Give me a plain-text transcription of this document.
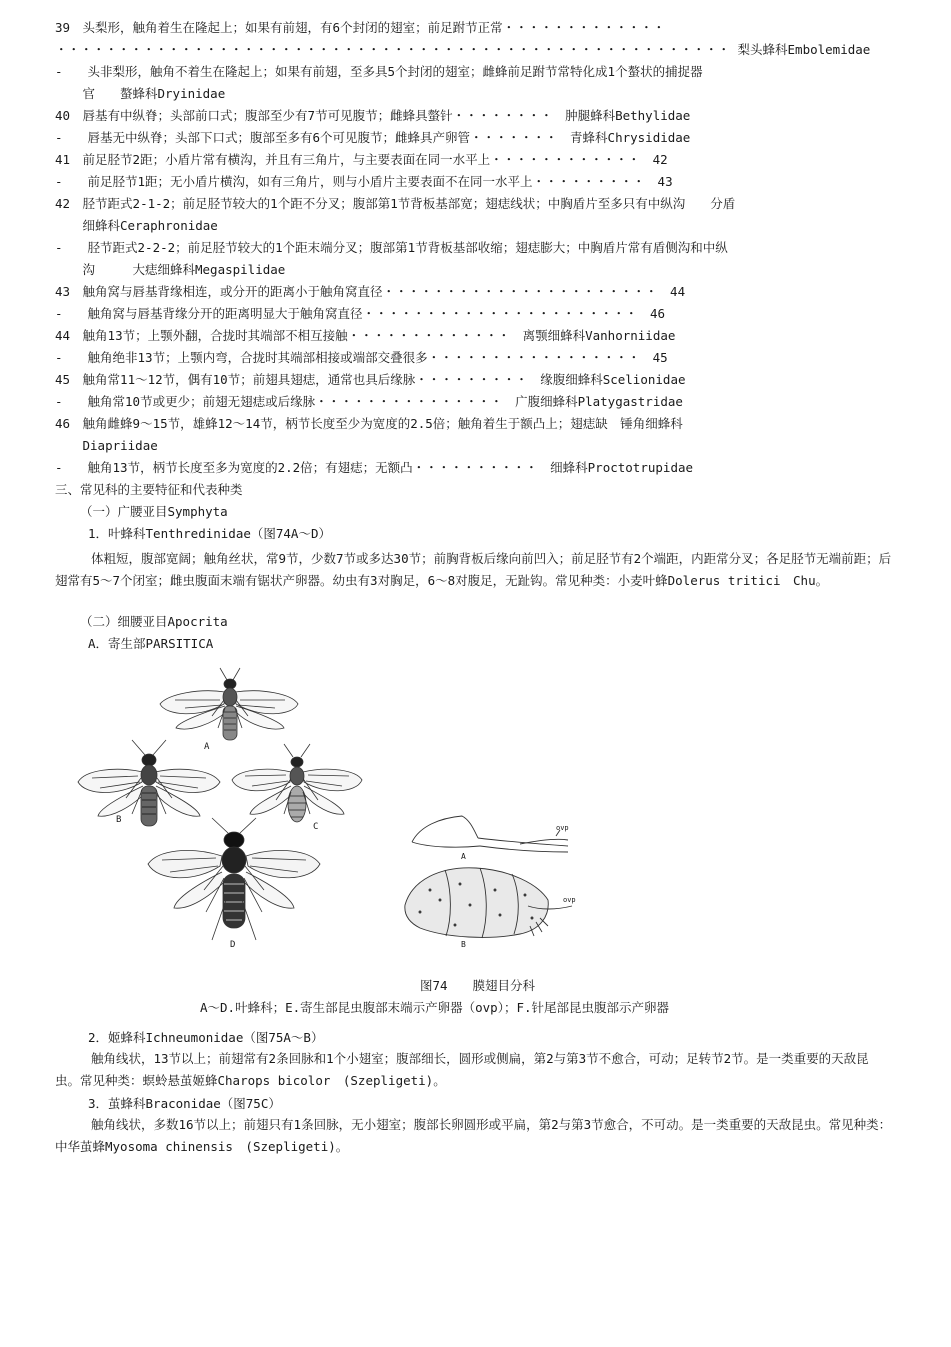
39　头梨形，触角着生在隆起上；如果有前翅，有6个封闭的翅室；前足跗节正常・・・・・・・・・・・・・
・・・・・・・・・・・・・・・・・・・・・・・・・・・・・・・・・・・・・・・・・・・・・・・・・・・・・・ 梨头蜂科Embolemidae
-　　头非梨形，触角不着生在隆起上；如果有前翅，至多具5个封闭的翅室；雌蜂前足跗节常特化成1个螯状的捕捉器
　官　　螯蜂科Dryinidae
40　唇基有中纵脊；头部前口式；腹部至少有7节可见腹节；雌蜂具螫针・・・・・・・・　肿腿蜂科Bethylidae
-　　唇基无中纵脊；头部下口式；腹部至多有6个可见腹节；雌蜂具产卵管・・・・・・・　青蜂科Chrysididae
41　前足胫节2距；小盾片常有横沟，并且有三角片，与主要表面在同一水平上・・・・・・・・・・・・　42
-　　前足胫节1距；无小盾片横沟，如有三角片，则与小盾片主要表面不在同一水平上・・・・・・・・・　43
42　胫节距式2-1-2；前足胫节较大的1个距不分叉；腹部第1节背板基部宽；翅痣线状；中胸盾片至多只有中纵沟　　分盾
　细蜂科Ceraphronidae
-　　胫节距式2-2-2；前足胫节较大的1个距末端分叉；腹部第1节背板基部收缩；翅痣膨大；中胸盾片常有盾侧沟和中纵
　沟　　　大痣细蜂科Megaspilidae
43　触角窝与唇基背缘相连，或分开的距离小于触角窝直径・・・・・・・・・・・・・・・・・・・・・・　44
-　　触角窝与唇基背缘分开的距离明显大于触角窝直径・・・・・・・・・・・・・・・・・・・・・・　46
44　触角13节；上颚外翻，合拢时其端部不相互接触・・・・・・・・・・・・・　离颚细蜂科Vanhorniidae
-　　触角绝非13节；上颚内弯，合拢时其端部相接或端部交叠很多・・・・・・・・・・・・・・・・・　45
45　触角常11～12节，偶有10节；前翅具翅痣，通常也具后缘脉・・・・・・・・・　缘腹细蜂科Scelionidae
-　　触角常10节或更少；前翅无翅痣或后缘脉・・・・・・・・・・・・・・・　广腹细蜂科Platygastridae
46　触角雌蜂9～15节，雄蜂12～14节，柄节长度至少为宽度的2.5倍；触角着生于额凸上；翅痣缺　锤角细蜂科
　Diapriidae
-　　触角13节，柄节长度至多为宽度的2.2倍；有翅痣；无额凸・・・・・・・・・・　细蜂科Proctotrupidae
三、常见科的主要特征和代表种类
（一）广腰亚目Symphyta
1．叶蜂科Tenthredinidae（图74A～D）
体粗短，腹部宽阔；触角丝状，常9节，少数7节或多达30节；前胸背板后缘向前凹入；前足胫节有2个端距，内距常分叉；各足胫节无端前距；后翅常有5～7个闭室；雌虫腹面末端有锯状产卵器。幼虫有3对胸足，6～8对腹足，无趾钩。常见种类：小麦叶蜂Dolerus tritici　Chu。
（二）细腰亚目Apocrita
A．寄生部PARSITICA
A
B
C
D
A
B
ovp
ovp
图74　　膜翅目分科
A～D.叶蜂科；E.寄生部昆虫腹部末端示产卵器（ovp）；F.针尾部昆虫腹部示产卵器
2．姬蜂科Ichneumonidae（图75A～B）
触角线状，13节以上；前翅常有2条回脉和1个小翅室；腹部细长，圆形或侧扁，第2与第3节不愈合，可动；足转节2节。是一类重要的天敌昆虫。常见种类：螟蛉悬茧姬蜂Charops bicolor　(Szepligeti)。
3．茧蜂科Braconidae（图75C）
触角线状，多数16节以上；前翅只有1条回脉，无小翅室；腹部长卵圆形或平扁，第2与第3节愈合，不可动。是一类重要的天敌昆虫。常见种类：中华茧蜂Myosoma chinensis　(Szepligeti)。
